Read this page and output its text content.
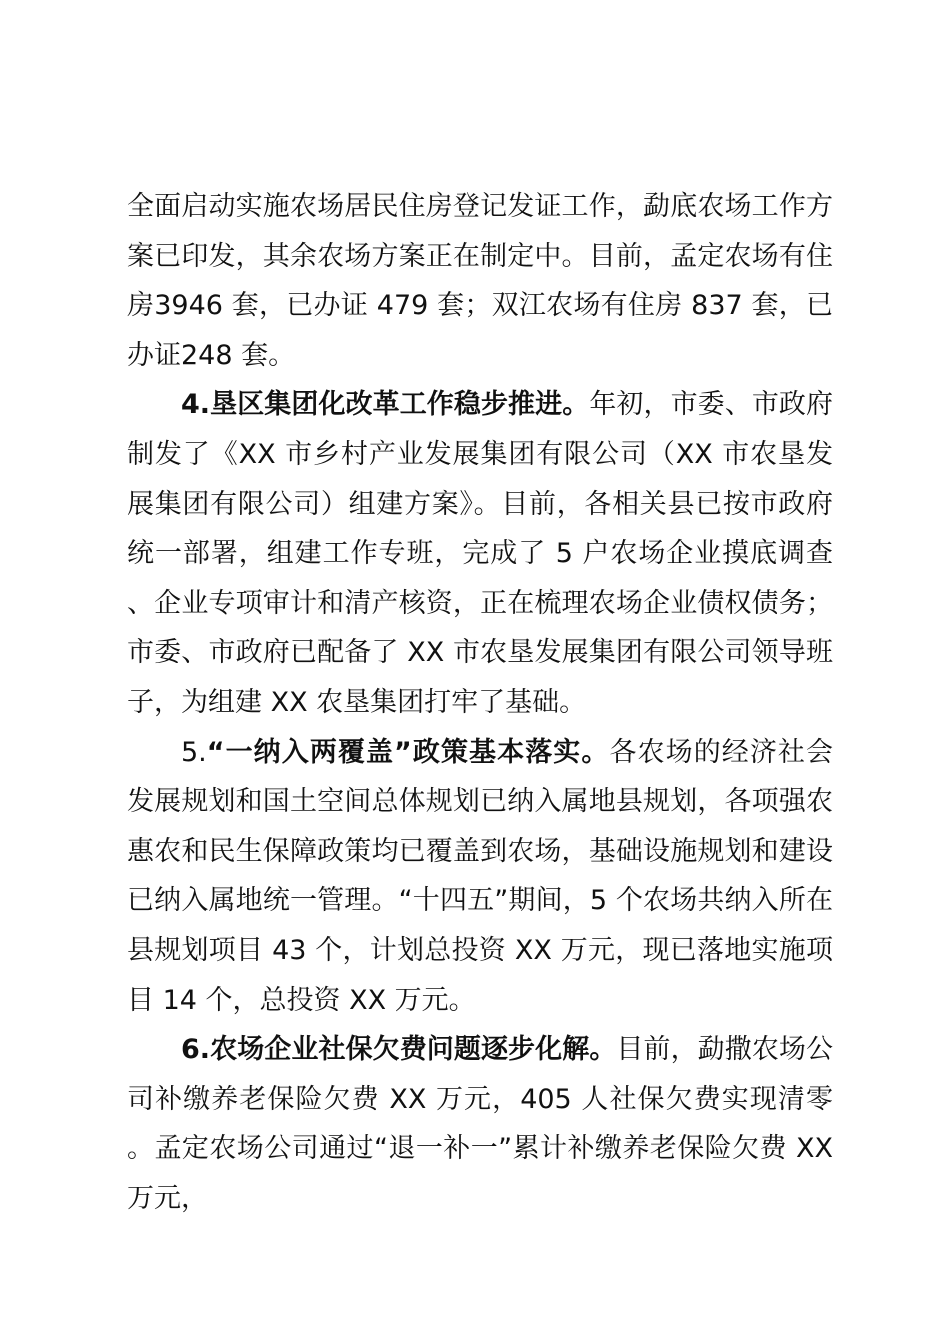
全面启动实施农场居民住房登记发证工作，勐底农场工作方案已印发，其余农场方案正在制定中。目前，孟定农场有住房3946 套，已办证 479 套；双江农场有住房 837 套，已办证248 套。

4.垦区集团化改革工作稳步推进。年初，市委、市政府制发了《XX 市乡村产业发展集团有限公司（XX 市农垦发展集团有限公司）组建方案》。目前，各相关县已按市政府统一部署，组建工作专班，完成了 5 户农场企业摸底调查、企业专项审计和清产核资，正在梳理农场企业债权债务；市委、市政府已配备了 XX 市农垦发展集团有限公司领导班子，为组建 XX 农垦集团打牢了基础。

5.“一纳入两覆盖”政策基本落实。各农场的经济社会发展规划和国土空间总体规划已纳入属地县规划，各项强农惠农和民生保障政策均已覆盖到农场，基础设施规划和建设已纳入属地统一管理。“十四五”期间，5 个农场共纳入所在县规划项目 43 个，计划总投资 XX 万元，现已落地实施项目 14 个，总投资 XX 万元。

6.农场企业社保欠费问题逐步化解。目前，勐撒农场公司补缴养老保险欠费 XX 万元，405 人社保欠费实现清零。孟定农场公司通过“退一补一”累计补缴养老保险欠费 XX 万元，
